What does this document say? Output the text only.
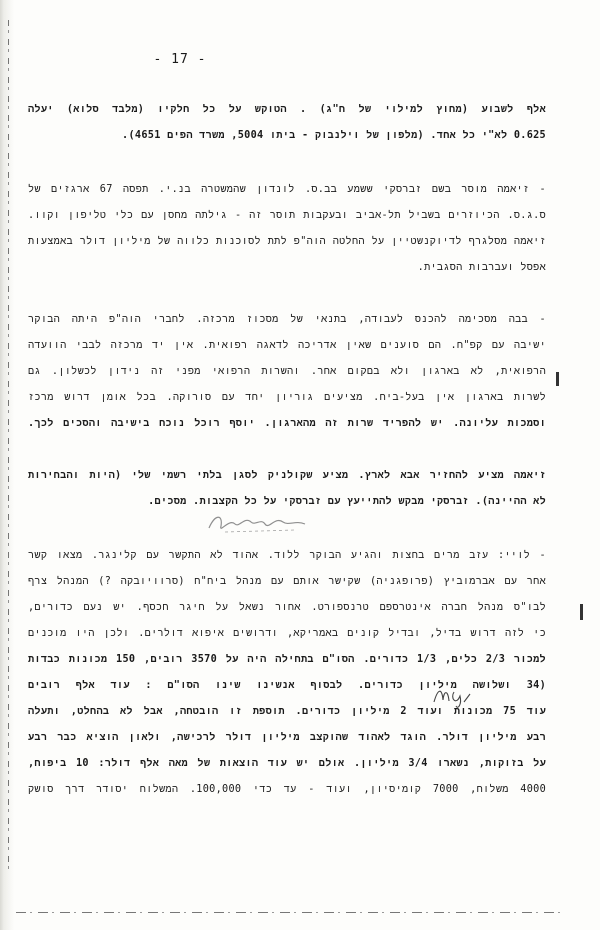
- 17 -
אלף לשבוע (מחוץ למילוי של ח"ג) . הטוקש על כל חלקיו (מלבד סלוא) יעלה
0.625 לא"י כל אחד. (מלפון של וילנבוק - ביתו 5004, משרד הפים 4651).
- זיאמה מוסר בשם זברסקי ששמע בב.ס. לונדון שהמשטרה בנ.י. תפסה 67 ארגזים של
ס.ג.ס. הכיוזרים בשביל תל-אביב ובעקבות תוסר זה - גילתה מחסן עם כלי טליפון וקוו.
זיאמה מסלגרף לדיוקנשטיין על החלטה הוה"פ לתת לסוכנות כלווה של מיליון דולר באמצעות
אפסל ועברבות הסגבית.
- בבה מסכימה להכנס לעבודה, בתנאי של מסכוז מרכזה. לחברי הוה"פ היתה הבוקר
ישיבה עם קפ"ח. הם סוענים שאין אדריכה לדאגה רפואית. אין יד מרכזה לבבי הוועדה
הרפואית, לא בארגון ולא בםקום אחר. והשרות הרפואי מפני זה נידון לכשלון. גם
לשרות בארגון אין בעל-ביח. מציעים גוריון יחד עם סורוקה. בכל אומן דרוש מרכז
וסמכות עליונה. יש להפריד שרות זה מהארגון. יוסף רוכל נוכח בישיבה והסכים לכך.
זיאמה מציע להחזיר אבא לארץ. מציע שקולניק לסגן בלתי רשמי שלי (היות והבחירות
לא ההיינה). זברסקי מבקש להתייעץ עם זברסקי על כל הקצבות. מסכים.
- לויי: עזב מרים בחצות והגיע הבוקר ללוד. אהוד לא התקשר עם קלינגר. מצאו קשר
אחר עם אברמוביץ (פרופגניה) שקישר אותם עם מנהל ביח"ח (סרוויובקה ?) המנהל צרף
לבו"ס מנהל חברה אינטרספם טרנספורט. אחור נשאל על חיגר חכסף. יש נעם כדורים,
כי לזה דרוש בדיל, ובדיל קונים באמריקא, ודרושים איפוא דולרים. ולכן היו מוכנים
למכור 2/3 כלים, 1/3 כדורים. הסו"ם בתחילה היה על 3570 רובים, 150 מכונות כבדות
(34 ושלושה מיליון כדורים. לבסוף אנשינו שינו הסו"ם : עוד אלף רובים
עוד 75 מכונות ועוד 2 מיליון כדורים. תוספת זו הובטחה, אבל לא בהחלט, ותעלה
רבע מיליון דולר. הוגד לאהוד שהוקצב מיליון דולר לרכישה, ולאון הוציא כבר רבע
על בזוקות, נשארו 3/4 מיליון. אולם יש עוד הוצאות של מאה אלף דולר: 10 ביפוח,
4000 משלוח, 7000 קומיסיון, ועוד - עד כדי 100,000. המשלוח יסודר דרך סושק
